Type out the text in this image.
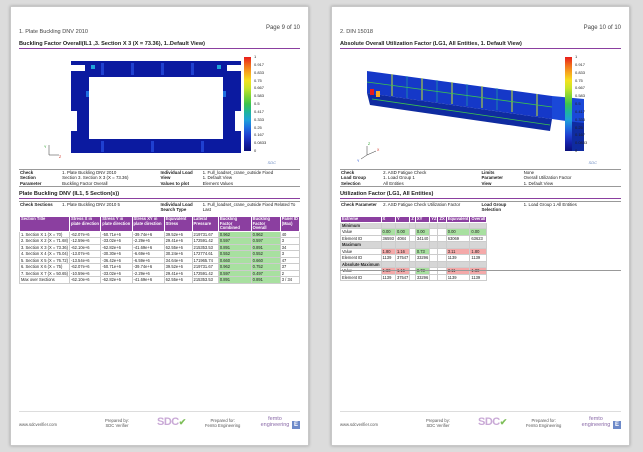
1. Plate Buckling DNV 2010
Page 9 of 10
Buckling Factor Overall(IL1 ,3. Section X 3 (X = 73.36), 1..Default View)
Y
Z
1
0.917
0.833
0.75
0.667
0.583
0.5
0.417
0.333
0.25
0.167
0.0833
0
SDC
Check	1. Plate Buckling DNV 2010	Individual Load	1. Full_loadset_crane_outside Fixed
Section	Section 3. Section X 3 (X = 73.36)	View	1. Default View
Parameter	Buckling Factor Overall	Values to plot	Element Values
Plate Buckling DNV (IL1, 5 Section(s))
Check Sections	1. Plate Buckling DNV 2010 5	Individual Load Search Type	1. Full_loadset_crane_outside Fixed Related To Last
Section Title	Stress X in plate direction	Stress Y in plate direction	Stress XY in plate direction	Equivalent Stress	Lateral Pressure	Buckling Factor Combined	Buckling Factor Overall	Panel ID (Max)
1. Section X 1 (X = 70)	-62.07e+6	-50.71e+6	-39.74e+6	39.52e+6	219731.67	0.962	0.962	40
2. Section X 2 (X = 71.68)	-12.59e+6	-33.02e+6	-2.29e+6	29.41e+6	172591.42	0.597	0.597	3
3. Section X 3 (X = 73.36)	-62.10e+6	-62.82e+6	-41.69e+6	62.55e+6	215353.53	0.891	0.891	34
4. Section X 4 (X = 75.04)	-13.07e+6	-30.30e+6	-6.69e+6	30.24e+6	172774.61	0.552	0.552	3
5. Section X 5 (X = 76.72)	-13.54e+6	-36.42e+6	-6.59e+6	34.64e+6	171965.74	0.660	0.660	47
6. Section X 6 (X = 75)	-62.07e+6	-50.71e+6	-39.74e+6	39.52e+6	219731.67	0.962	0.752	37
7. Section X 7 (X = 50.65)	-10.59e+6	-33.02e+6	-2.29e+6	29.41e+6	172591.42	0.597	0.497	2
Max over Sections	-62.10e+6	-62.82e+6	-41.69e+6	62.55e+6	215353.53	0.891	0.891	3 / 34
www.sdcverifier.com
Prepared by:
SDC Verifier	SDC✔	Prepared for:
Femto Engineering
femto engineering E
2. DIN 15018
Page 10 of 10
Absolute Overall Utilization Factor (LG1, All Entities, 1. Default View)
Z
X
Y
1
0.917
0.833
0.75
0.667
0.583
0.5
0.417
0.333
0.25
0.167
0.0833
0
SDC
Check	2. ASD Fatigue Check	Limits	None
Load Group	1. Load Group 1	Parameter	Overall Utilization Factor
Selection	All Entities	View	1. Default View
Utilization Factor (LG1, All Entities)
Check Parameter	2. ASD Fatigue Check Utilization Factor	Load Group Selection	1. Load Group 1 All Entities
Extreme	X	Y	Z	XY	YZ	ZX	Equivalent	Overall
Minimum								
Value	0.00	0.00		0.00			0.00	0.00
Element ID	36593	4084		34140			63069	63623
Maximum								
Value	1.80	1.16		0.73			3.11	1.80
Element ID	1139	37547		33296			1139	1139
Absolute Maximum								
Value	1.80	1.16		0.73			3.11	1.80
Element ID	1139	37547		33296			1139	1139
www.sdcverifier.com
Prepared by:
SDC Verifier	SDC✔	Prepared for:
Femto Engineering
femto engineering E
